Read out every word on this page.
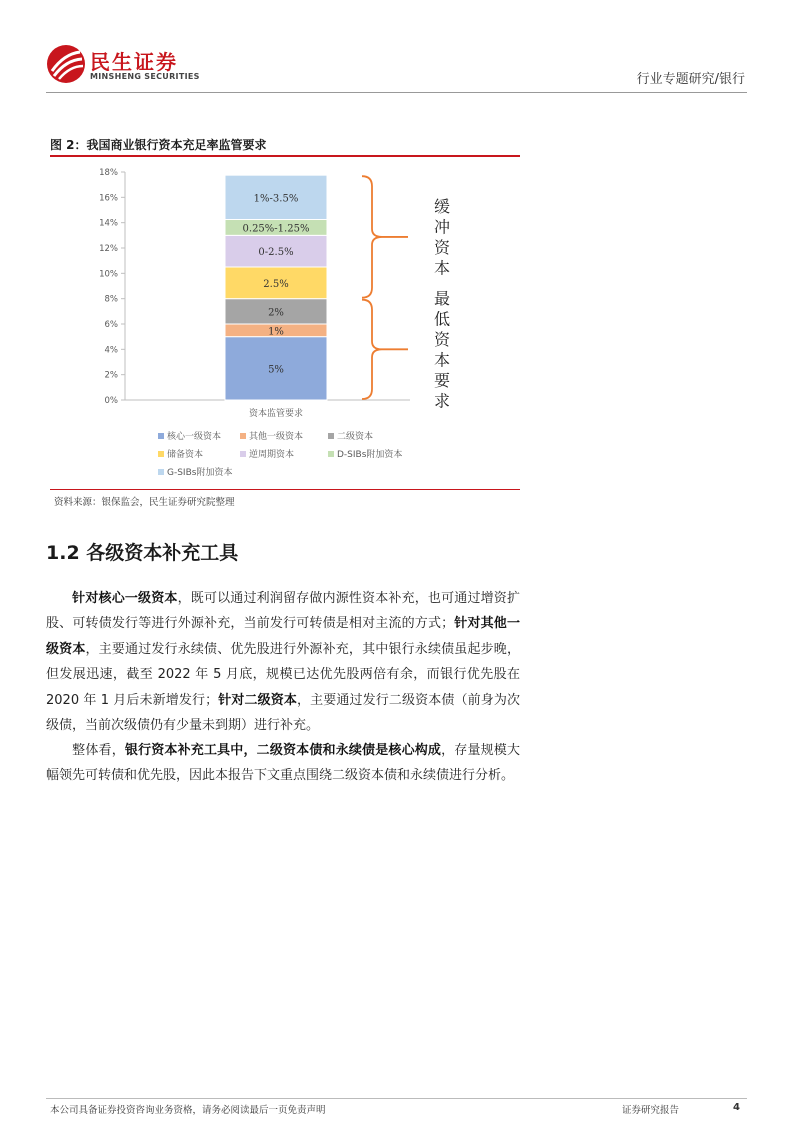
民生证券
MINSHENG SECURITIES	行业专题研究/银行
图 2：我国商业银行资本充足率监管要求
0%
2%
4%
6%
8%
10%
12%
14%
16%
18%
5%
1%
2%
2.5%
0-2.5%
0.25%-1.25%
1%-3.5%
资本监管要求
缓冲资本
最低资本要求
核心一级资本	其他一级资本	二级资本
储备资本	逆周期资本	D-SIBs附加资本
G-SIBs附加资本
资料来源：银保监会，民生证券研究院整理
1.2 各级资本补充工具
针对核心一级资本，既可以通过利润留存做内源性资本补充，也可通过增资扩股、可转债发行等进行外源补充，当前发行可转债是相对主流的方式；针对其他一级资本，主要通过发行永续债、优先股进行外源补充，其中银行永续债虽起步晚，但发展迅速，截至 2022 年 5 月底，规模已达优先股两倍有余，而银行优先股在 2020 年 1 月后未新增发行；针对二级资本，主要通过发行二级资本债（前身为次级债，当前次级债仍有少量未到期）进行补充。
整体看，银行资本补充工具中，二级资本债和永续债是核心构成，存量规模大幅领先可转债和优先股，因此本报告下文重点围绕二级资本债和永续债进行分析。
本公司具备证券投资咨询业务资格，请务必阅读最后一页免责声明	证券研究报告	4
